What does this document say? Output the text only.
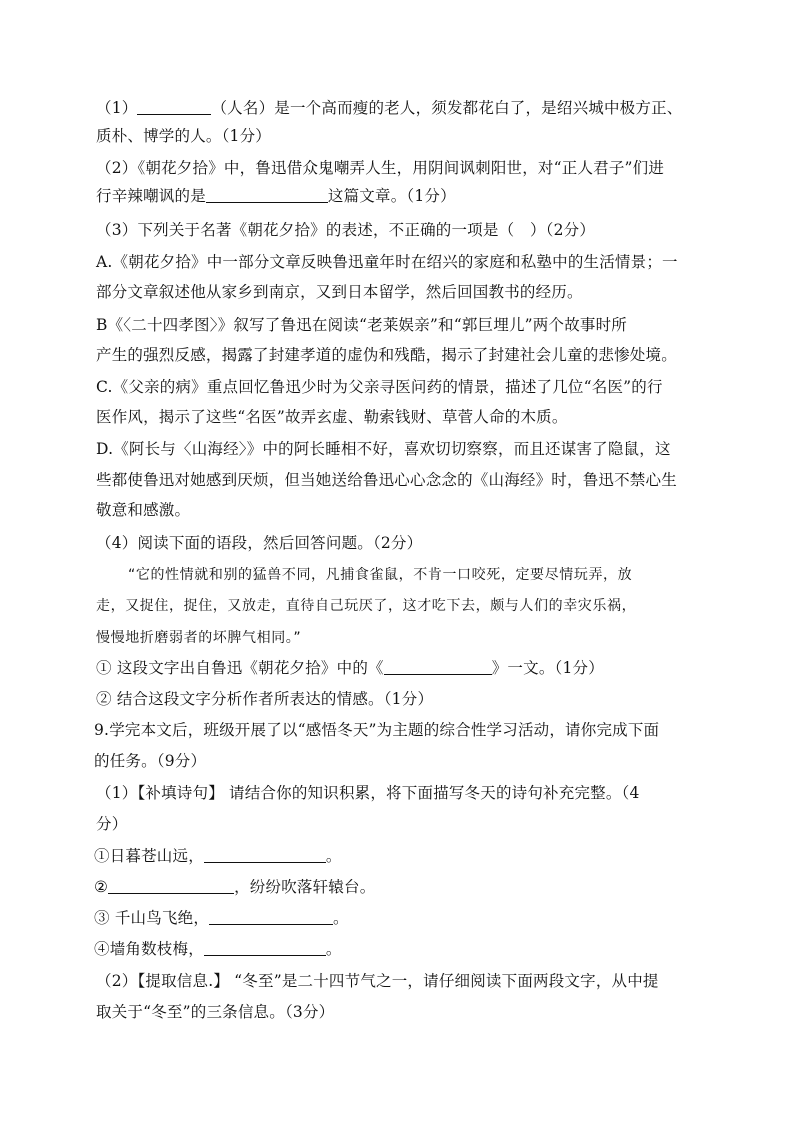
（1）	（人名）是一个高而瘦的老人，须发都花白了，是绍兴城中极方正、
质朴、博学的人。（1分）
（2）《朝花夕拾》中，鲁迅借众鬼嘲弄人生，用阴间讽刺阳世，对“正人君子”们进
行辛辣嘲讽的是	这篇文章。（1分）
（3）下列关于名著《朝花夕拾》的表述，不正确的一项是（　）（2分）
A.《朝花夕拾》中一部分文章反映鲁迅童年时在绍兴的家庭和私塾中的生活情景；一
部分文章叙述他从家乡到南京，又到日本留学，然后回国教书的经历。
B《〈二十四孝图〉》叙写了鲁迅在阅读“老莱娱亲”和“郭巨埋儿”两个故事时所
产生的强烈反感，揭露了封建孝道的虚伪和残酷，揭示了封建社会儿童的悲惨处境。
C.《父亲的病》重点回忆鲁迅少时为父亲寻医问药的情景，描述了几位“名医”的行
医作风，揭示了这些“名医”故弄玄虚、勒索钱财、草菅人命的木质。
D.《阿长与〈山海经〉》中的阿长睡相不好，喜欢切切察察，而且还谋害了隐鼠，这
些都使鲁迅对她感到厌烦，但当她送给鲁迅心心念念的《山海经》时，鲁迅不禁心生
敬意和感激。
（4）阅读下面的语段，然后回答问题。（2分）
“它的性情就和别的猛兽不同，凡捕食雀鼠，不肯一口咬死，定要尽情玩弄，放
走，又捉住，捉住，又放走，直待自己玩厌了，这才吃下去，颇与人们的幸灾乐祸，
慢慢地折磨弱者的坏脾气相同。”
① 这段文字出自鲁迅《朝花夕拾》中的《	》一文。（1分）
② 结合这段文字分析作者所表达的情感。（1分）
9.学完本文后，班级开展了以“感悟冬天”为主题的综合性学习活动，请你完成下面
的任务。（9分）
（1）【补填诗句】 请结合你的知识积累，将下面描写冬天的诗句补充完整。（4
分）
①日暮苍山远，	。
②	，纷纷吹落轩辕台。
③ 千山鸟飞绝，	。
④墙角数枝梅，	。
（2）【提取信息.】 “冬至”是二十四节气之一，请仔细阅读下面两段文字，从中提
取关于“冬至”的三条信息。（3分）
